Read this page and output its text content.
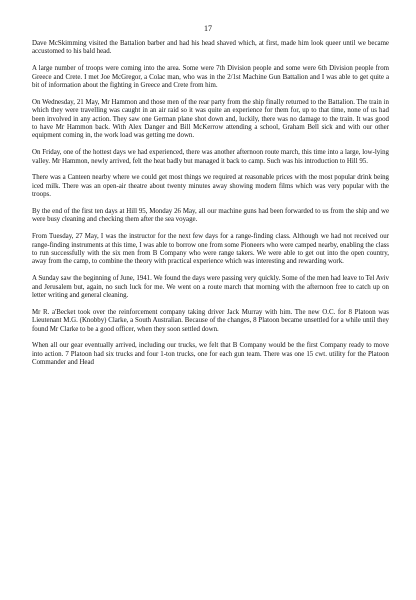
17

Dave McSkimming visited the Battalion barber and had his head shaved which, at first, made him look queer until we became accustomed to his bald head.

A large number of troops were coming into the area. Some were 7th Division people and some were 6th Division people from Greece and Crete. I met Joe McGregor, a Colac man, who was in the 2/1st Machine Gun Battalion and I was able to get quite a bit of information about the fighting in Greece and Crete from him.

On Wednesday, 21 May, Mr Hammon and those men of the rear party from the ship finally returned to the Battalion. The train in which they were travelling was caught in an air raid so it was quite an experience for them for, up to that time, none of us had been involved in any action. They saw one German plane shot down and, luckily, there was no damage to the train. It was good to have Mr Hammon back. With Alex Danger and Bill McKerrow attending a school, Graham Bell sick and with our other equipment coming in, the work load was getting me down.

On Friday, one of the hottest days we had experienced, there was another afternoon route march, this time into a large, low-lying valley. Mr Hammon, newly arrived, felt the heat badly but managed it back to camp. Such was his introduction to Hill 95.

There was a Canteen nearby where we could get most things we required at reasonable prices with the most popular drink being iced milk. There was an open-air theatre about twenty minutes away showing modern films which was very popular with the troops.

By the end of the first ten days at Hill 95, Monday 26 May, all our machine guns had been forwarded to us from the ship and we were busy cleaning and checking them after the sea voyage.

From Tuesday, 27 May, I was the instructor for the next few days for a range-finding class. Although we had not received our range-finding instruments at this time, I was able to borrow one from some Pioneers who were camped nearby, enabling the class to run successfully with the six men from B Company who were range takers. We were able to get out into the open country, away from the camp, to combine the theory with practical experience which was interesting and rewarding work.

A Sunday saw the beginning of June, 1941. We found the days were passing very quickly. Some of the men had leave to Tel Aviv and Jerusalem but, again, no such luck for me. We went on a route march that morning with the afternoon free to catch up on letter writing and general cleaning.

Mr R. a'Becket took over the reinforcement company taking driver Jack Murray with him. The new O.C. for 8 Platoon was Lieutenant M.G. (Knobby) Clarke, a South Australian. Because of the changes, 8 Platoon became unsettled for a while until they found Mr Clarke to be a good officer, when they soon settled down.

When all our gear eventually arrived, including our trucks, we felt that B Company would be the first Company ready to move into action. 7 Platoon had six trucks and four 1-ton trucks, one for each gun team. There was one 15 cwt. utility for the Platoon Commander and Head
